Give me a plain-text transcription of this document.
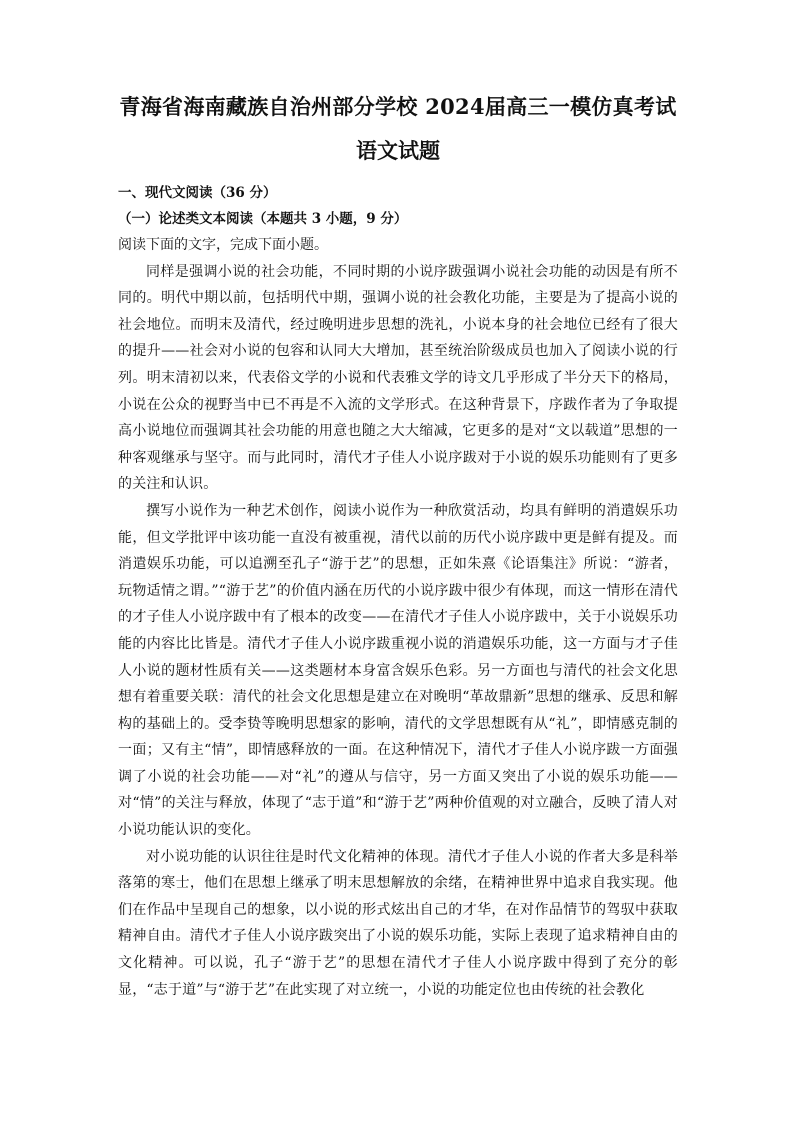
青海省海南藏族自治州部分学校 2024届高三一模仿真考试
语文试题

一、现代文阅读（36 分）

（一）论述类文本阅读（本题共 3 小题，9 分）

阅读下面的文字，完成下面小题。

同样是强调小说的社会功能，不同时期的小说序跋强调小说社会功能的动因是有所不同的。明代中期以前，包括明代中期，强调小说的社会教化功能，主要是为了提高小说的社会地位。而明末及清代，经过晚明进步思想的洗礼，小说本身的社会地位已经有了很大的提升——社会对小说的包容和认同大大增加，甚至统治阶级成员也加入了阅读小说的行列。明末清初以来，代表俗文学的小说和代表雅文学的诗文几乎形成了半分天下的格局，小说在公众的视野当中已不再是不入流的文学形式。在这种背景下，序跋作者为了争取提高小说地位而强调其社会功能的用意也随之大大缩减，它更多的是对“文以载道”思想的一种客观继承与坚守。而与此同时，清代才子佳人小说序跋对于小说的娱乐功能则有了更多的关注和认识。

撰写小说作为一种艺术创作，阅读小说作为一种欣赏活动，均具有鲜明的消遣娱乐功能，但文学批评中该功能一直没有被重视，清代以前的历代小说序跋中更是鲜有提及。而消遣娱乐功能，可以追溯至孔子“游于艺”的思想，正如朱熹《论语集注》所说：“游者，玩物适情之谓。”“游于艺”的价值内涵在历代的小说序跋中很少有体现，而这一情形在清代的才子佳人小说序跋中有了根本的改变——在清代才子佳人小说序跋中，关于小说娱乐功能的内容比比皆是。清代才子佳人小说序跋重视小说的消遣娱乐功能，这一方面与才子佳人小说的题材性质有关——这类题材本身富含娱乐色彩。另一方面也与清代的社会文化思想有着重要关联：清代的社会文化思想是建立在对晚明“革故鼎新”思想的继承、反思和解构的基础上的。受李贽等晚明思想家的影响，清代的文学思想既有从“礼”，即情感克制的一面；又有主“情”，即情感释放的一面。在这种情况下，清代才子佳人小说序跋一方面强调了小说的社会功能——对“礼”的遵从与信守，另一方面又突出了小说的娱乐功能——对“情”的关注与释放，体现了“志于道”和“游于艺”两种价值观的对立融合，反映了清人对小说功能认识的变化。

对小说功能的认识往往是时代文化精神的体现。清代才子佳人小说的作者大多是科举落第的寒士，他们在思想上继承了明末思想解放的余绪，在精神世界中追求自我实现。他们在作品中呈现自己的想象，以小说的形式炫出自己的才华，在对作品情节的驾驭中获取精神自由。清代才子佳人小说序跋突出了小说的娱乐功能，实际上表现了追求精神自由的文化精神。可以说，孔子“游于艺”的思想在清代才子佳人小说序跋中得到了充分的彰显，“志于道”与“游于艺”在此实现了对立统一，小说的功能定位也由传统的社会教化
